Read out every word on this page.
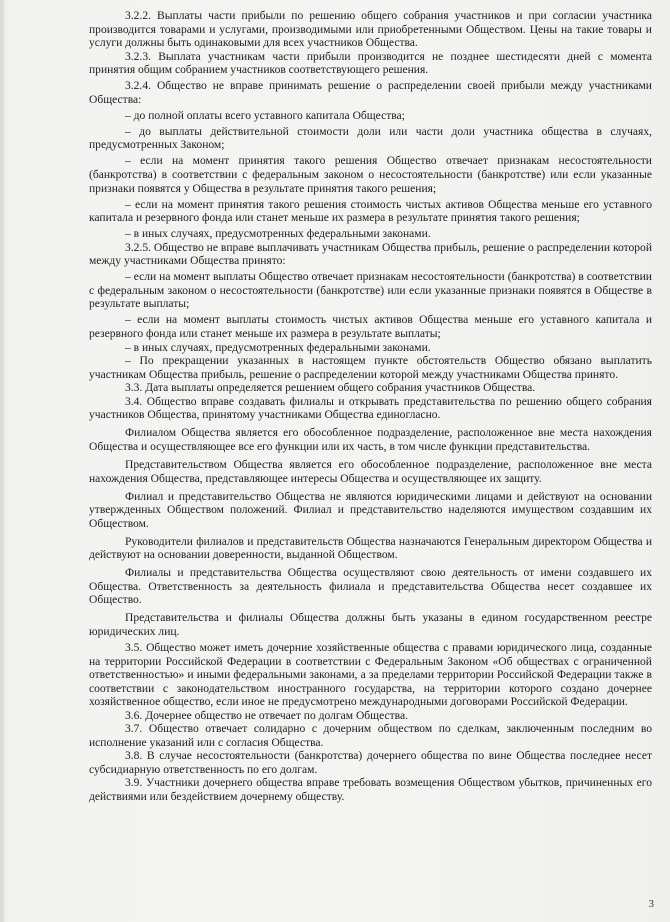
3.2.2. Выплаты части прибыли по решению общего собрания участников и при согласии участника производится товарами и услугами, производимыми или приобретенными Обществом. Цены на такие товары и услуги должны быть одинаковыми для всех участников Общества.

3.2.3. Выплата участникам части прибыли производится не позднее шестидесяти дней с момента принятия общим собранием участников соответствующего решения.

3.2.4. Общество не вправе принимать решение о распределении своей прибыли между участниками Общества:

– до полной оплаты всего уставного капитала Общества;

– до выплаты действительной стоимости доли или части доли участника общества в случаях, предусмотренных Законом;

– если на момент принятия такого решения Общество отвечает признакам несостоятельности (банкротства) в соответствии с федеральным законом о несостоятельности (банкротстве) или если указанные признаки появятся у Общества в результате принятия такого решения;

– если на момент принятия такого решения стоимость чистых активов Общества меньше его уставного капитала и резервного фонда или станет меньше их размера в результате принятия такого решения;

– в иных случаях, предусмотренных федеральными законами.

3.2.5. Общество не вправе выплачивать участникам Общества прибыль, решение о распределении которой между участниками Общества принято:

– если на момент выплаты Общество отвечает признакам несостоятельности (банкротства) в соответствии с федеральным законом о несостоятельности (банкротстве) или если указанные признаки появятся в Обществе в результате выплаты;

– если на момент выплаты стоимость чистых активов Общества меньше его уставного капитала и резервного фонда или станет меньше их размера в результате выплаты;

– в иных случаях, предусмотренных федеральными законами.

– По прекращении указанных в настоящем пункте обстоятельств Общество обязано выплатить участникам Общества прибыль, решение о распределении которой между участниками Общества принято.

3.3. Дата выплаты определяется решением общего собрания участников Общества.

3.4. Общество вправе создавать филиалы и открывать представительства по решению общего собрания участников Общества, принятому участниками Общества единогласно.

Филиалом Общества является его обособленное подразделение, расположенное вне места нахождения Общества и осуществляющее все его функции или их часть, в том числе функции представительства.

Представительством Общества является его обособленное подразделение, расположенное вне места нахождения Общества, представляющее интересы Общества и осуществляющее их защиту.

Филиал и представительство Общества не являются юридическими лицами и действуют на основании утвержденных Обществом положений. Филиал и представительство наделяются имуществом создавшим их Обществом.

Руководители филиалов и представительств Общества назначаются Генеральным директором Общества и действуют на основании доверенности, выданной Обществом.

Филиалы и представительства Общества осуществляют свою деятельность от имени создавшего их Общества. Ответственность за деятельность филиала и представительства Общества несет создавшее их Общество.

Представительства и филиалы Общества должны быть указаны в едином государственном реестре юридических лиц.

3.5. Общество может иметь дочерние хозяйственные общества с правами юридического лица, созданные на территории Российской Федерации в соответствии с Федеральным Законом «Об обществах с ограниченной ответственностью» и иными федеральными законами, а за пределами территории Российской Федерации также в соответствии с законодательством иностранного государства, на территории которого создано дочернее хозяйственное общество, если иное не предусмотрено международными договорами Российской Федерации.

3.6. Дочернее общество не отвечает по долгам Общества.

3.7. Общество отвечает солидарно с дочерним обществом по сделкам, заключенным последним во исполнение указаний или с согласия Общества.

3.8. В случае несостоятельности (банкротства) дочернего общества по вине Общества последнее несет субсидиарную ответственность по его долгам.

3.9. Участники дочернего общества вправе требовать возмещения Обществом убытков, причиненных его действиями или бездействием дочернему обществу.

3
